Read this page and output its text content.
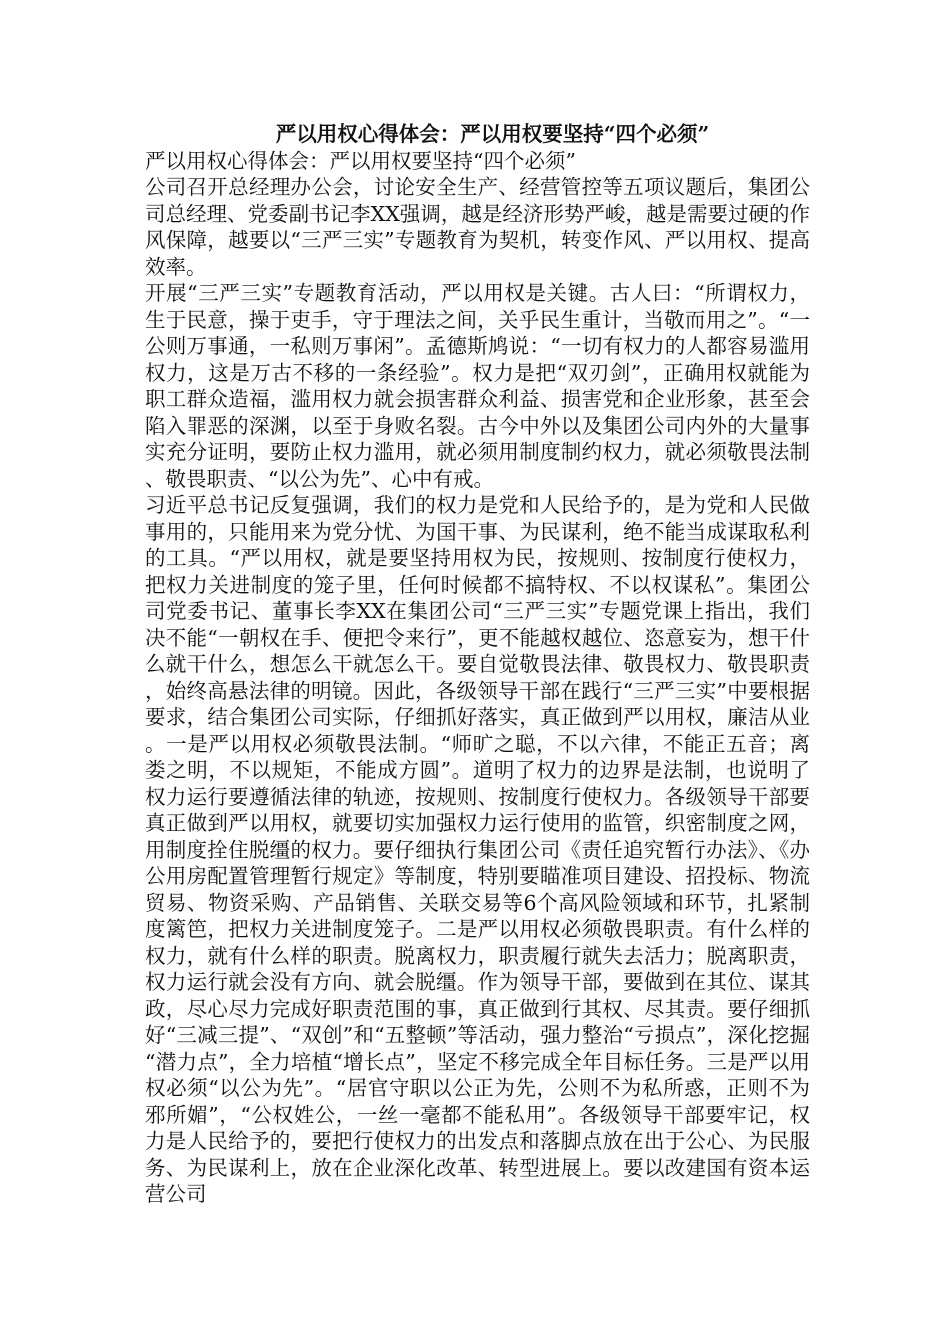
严以用权心得体会：严以用权要坚持“四个必须”

严以用权心得体会：严以用权要坚持“四个必须”

公司召开总经理办公会，讨论安全生产、经营管控等五项议题后，集团公司总经理、党委副书记李XX强调，越是经济形势严峻，越是需要过硬的作风保障，越要以“三严三实”专题教育为契机，转变作风、严以用权、提高效率。

开展“三严三实”专题教育活动，严以用权是关键。古人曰：“所谓权力，生于民意，操于吏手，守于理法之间，关乎民生重计，当敬而用之”。“一公则万事通，一私则万事闲”。孟德斯鸠说：“一切有权力的人都容易滥用权力，这是万古不移的一条经验”。权力是把“双刃剑”，正确用权就能为职工群众造福，滥用权力就会损害群众利益、损害党和企业形象，甚至会陷入罪恶的深渊，以至于身败名裂。古今中外以及集团公司内外的大量事实充分证明，要防止权力滥用，就必须用制度制约权力，就必须敬畏法制、敬畏职责、“以公为先”、心中有戒。

习近平总书记反复强调，我们的权力是党和人民给予的，是为党和人民做事用的，只能用来为党分忧、为国干事、为民谋利，绝不能当成谋取私利的工具。“严以用权，就是要坚持用权为民，按规则、按制度行使权力，把权力关进制度的笼子里，任何时候都不搞特权、不以权谋私”。集团公司党委书记、董事长李XX在集团公司“三严三实”专题党课上指出，我们决不能“一朝权在手、便把令来行”，更不能越权越位、恣意妄为，想干什么就干什么，想怎么干就怎么干。要自觉敬畏法律、敬畏权力、敬畏职责，始终高悬法律的明镜。因此，各级领导干部在践行“三严三实”中要根据要求，结合集团公司实际，仔细抓好落实，真正做到严以用权，廉洁从业。一是严以用权必须敬畏法制。“师旷之聪，不以六律，不能正五音；离娄之明，不以规矩，不能成方圆”。道明了权力的边界是法制，也说明了权力运行要遵循法律的轨迹，按规则、按制度行使权力。各级领导干部要真正做到严以用权，就要切实加强权力运行使用的监管，织密制度之网，用制度拴住脱缰的权力。要仔细执行集团公司《责任追究暂行办法》、《办公用房配置管理暂行规定》等制度，特别要瞄准项目建设、招投标、物流贸易、物资采购、产品销售、关联交易等6个高风险领域和环节，扎紧制度篱笆，把权力关进制度笼子。二是严以用权必须敬畏职责。有什么样的权力，就有什么样的职责。脱离权力，职责履行就失去活力；脱离职责，权力运行就会没有方向、就会脱缰。作为领导干部，要做到在其位、谋其政，尽心尽力完成好职责范围的事，真正做到行其权、尽其责。要仔细抓好“三减三提”、“双创”和“五整顿”等活动，强力整治“亏损点”，深化挖掘“潜力点”，全力培植“增长点”，坚定不移完成全年目标任务。三是严以用权必须“以公为先”。“居官守职以公正为先，公则不为私所惑，正则不为邪所媚”，“公权姓公，一丝一毫都不能私用”。各级领导干部要牢记，权力是人民给予的，要把行使权力的出发点和落脚点放在出于公心、为民服务、为民谋利上，放在企业深化改革、转型进展上。要以改建国有资本运营公司
